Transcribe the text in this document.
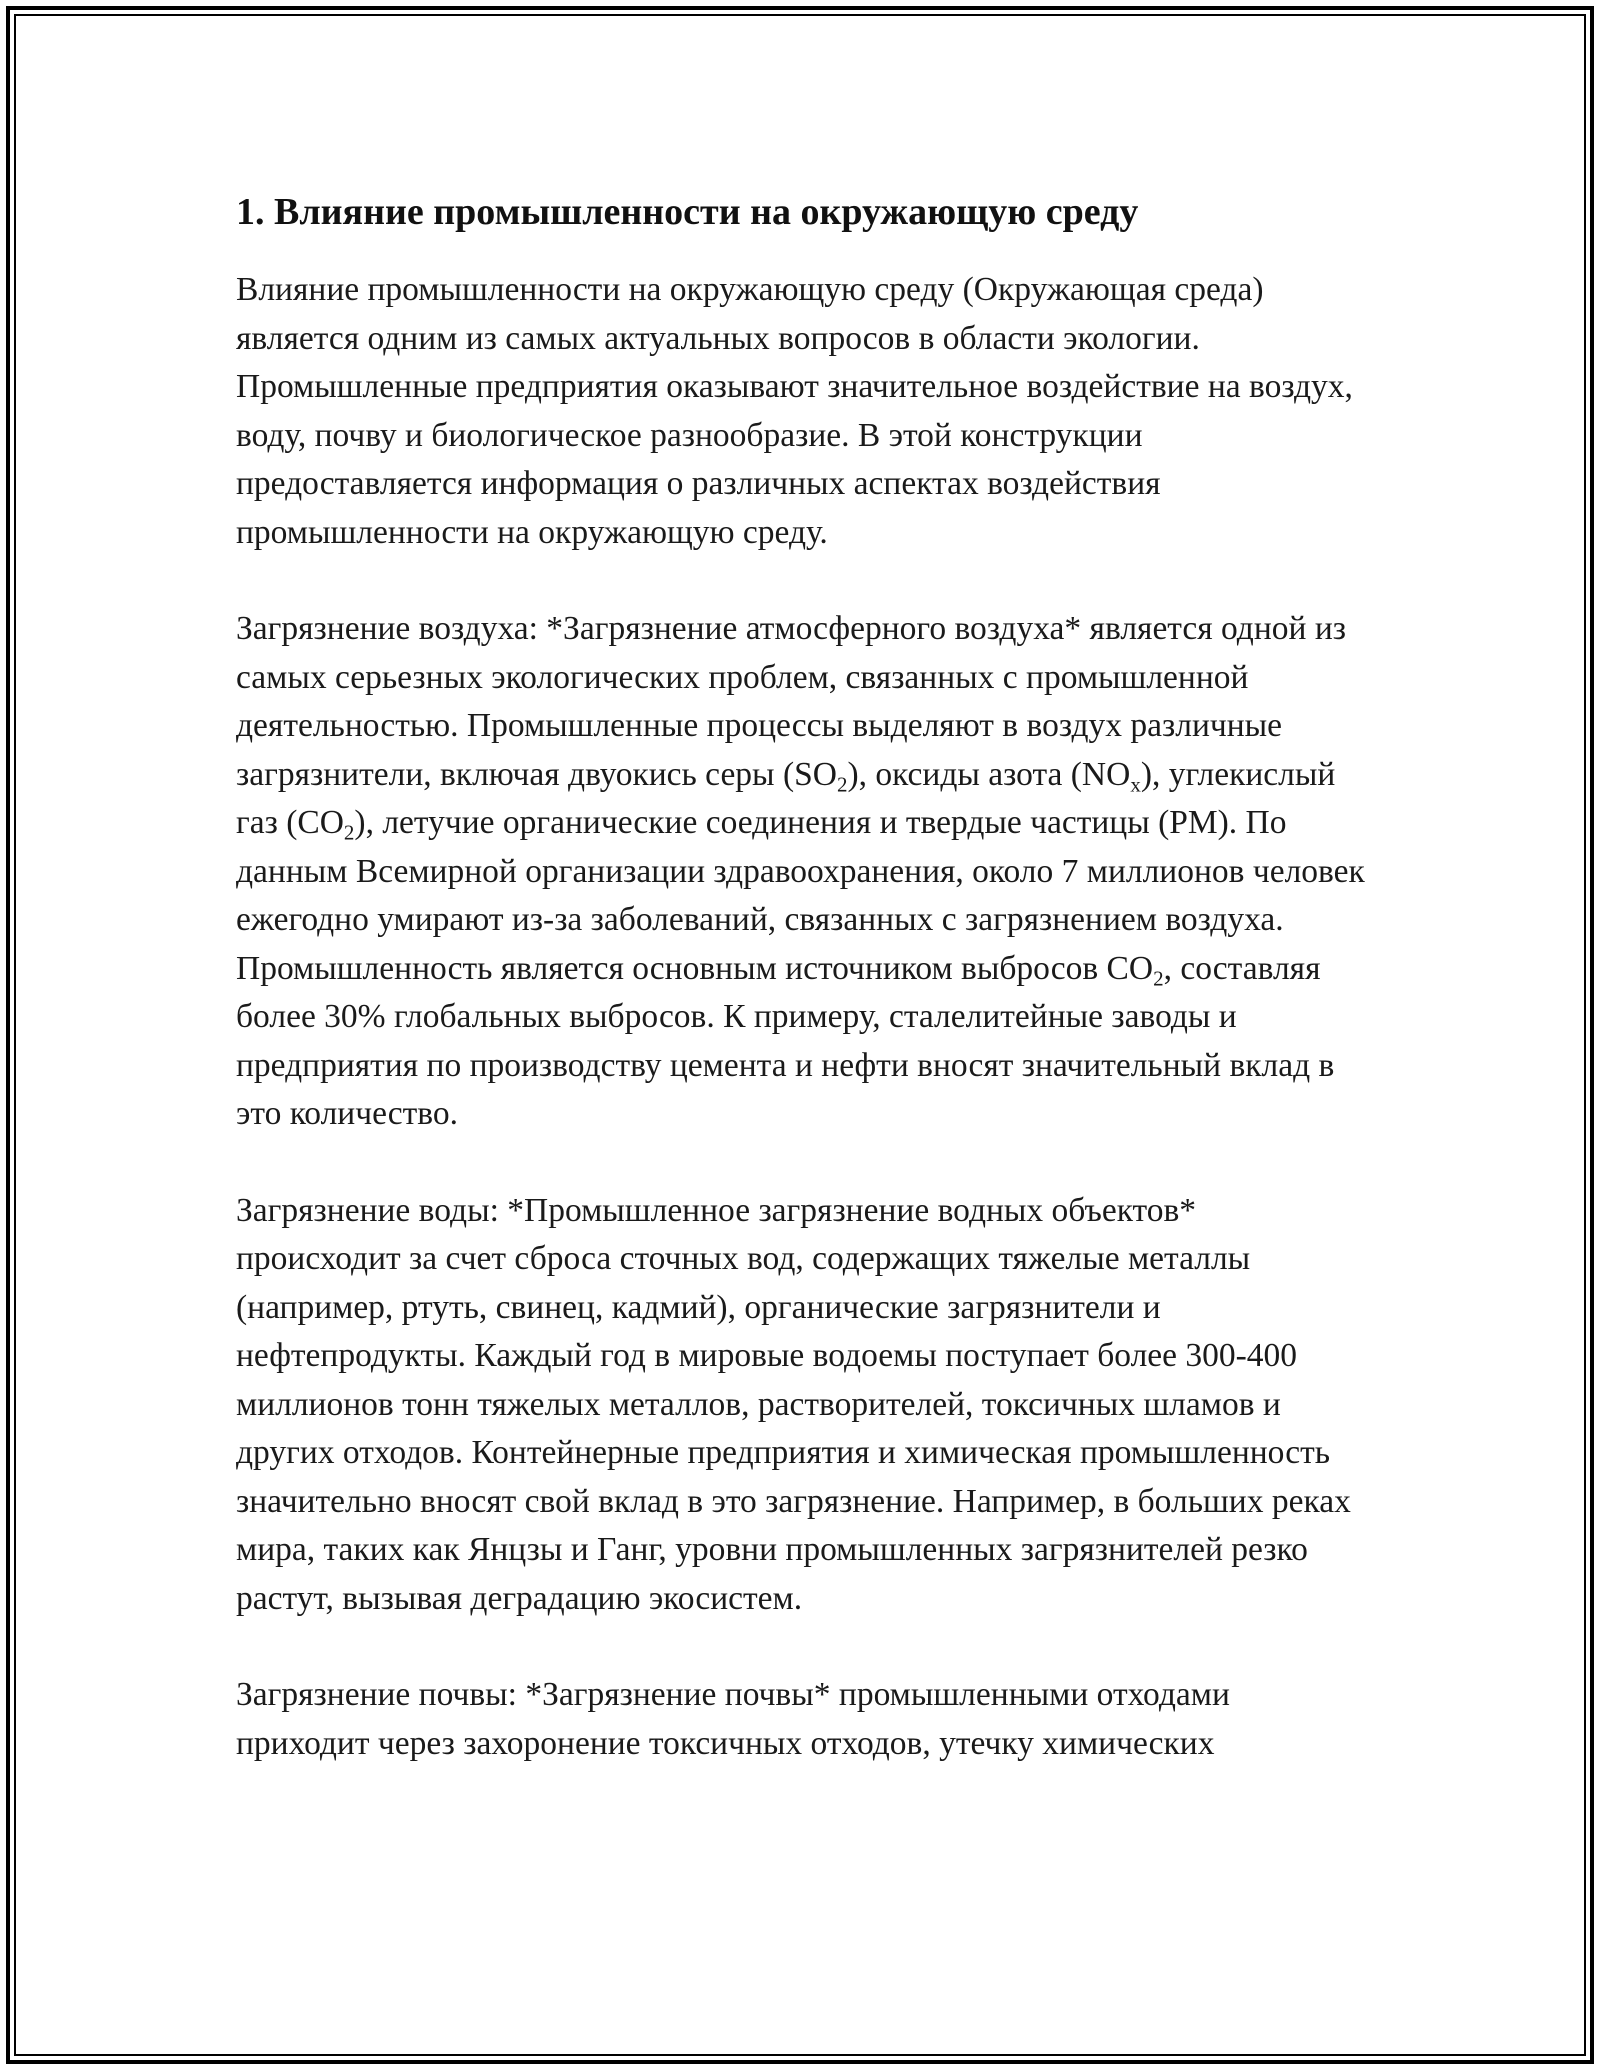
1. Влияние промышленности на окружающую среду

Влияние промышленности на окружающую среду (Окружающая среда) является одним из самых актуальных вопросов в области экологии. Промышленные предприятия оказывают значительное воздействие на воздух, воду, почву и биологическое разнообразие. В этой конструкции предоставляется информация о различных аспектах воздействия промышленности на окружающую среду.

Загрязнение воздуха: *Загрязнение атмосферного воздуха* является одной из самых серьезных экологических проблем, связанных с промышленной деятельностью. Промышленные процессы выделяют в воздух различные загрязнители, включая двуокись серы $(SO_2)$, оксиды азота $(NO_x)$, углекислый газ $(CO_2)$, летучие органические соединения и твердые частицы (PM). По данным Всемирной организации здравоохранения, около 7 миллионов человек ежегодно умирают из-за заболеваний, связанных с загрязнением воздуха. Промышленность является основным источником выбросов $CO_2$, составляя более 30% глобальных выбросов. К примеру, сталелитейные заводы и предприятия по производству цемента и нефти вносят значительный вклад в это количество.

Загрязнение воды: *Промышленное загрязнение водных объектов* происходит за счет сброса сточных вод, содержащих тяжелые металлы (например, ртуть, свинец, кадмий), органические загрязнители и нефтепродукты. Каждый год в мировые водоемы поступает более 300-400 миллионов тонн тяжелых металлов, растворителей, токсичных шламов и других отходов. Контейнерные предприятия и химическая промышленность значительно вносят свой вклад в это загрязнение. Например, в больших реках мира, таких как Янцзы и Ганг, уровни промышленных загрязнителей резко растут, вызывая деградацию экосистем.

Загрязнение почвы: *Загрязнение почвы* промышленными отходами приходит через захоронение токсичных отходов, утечку химических
